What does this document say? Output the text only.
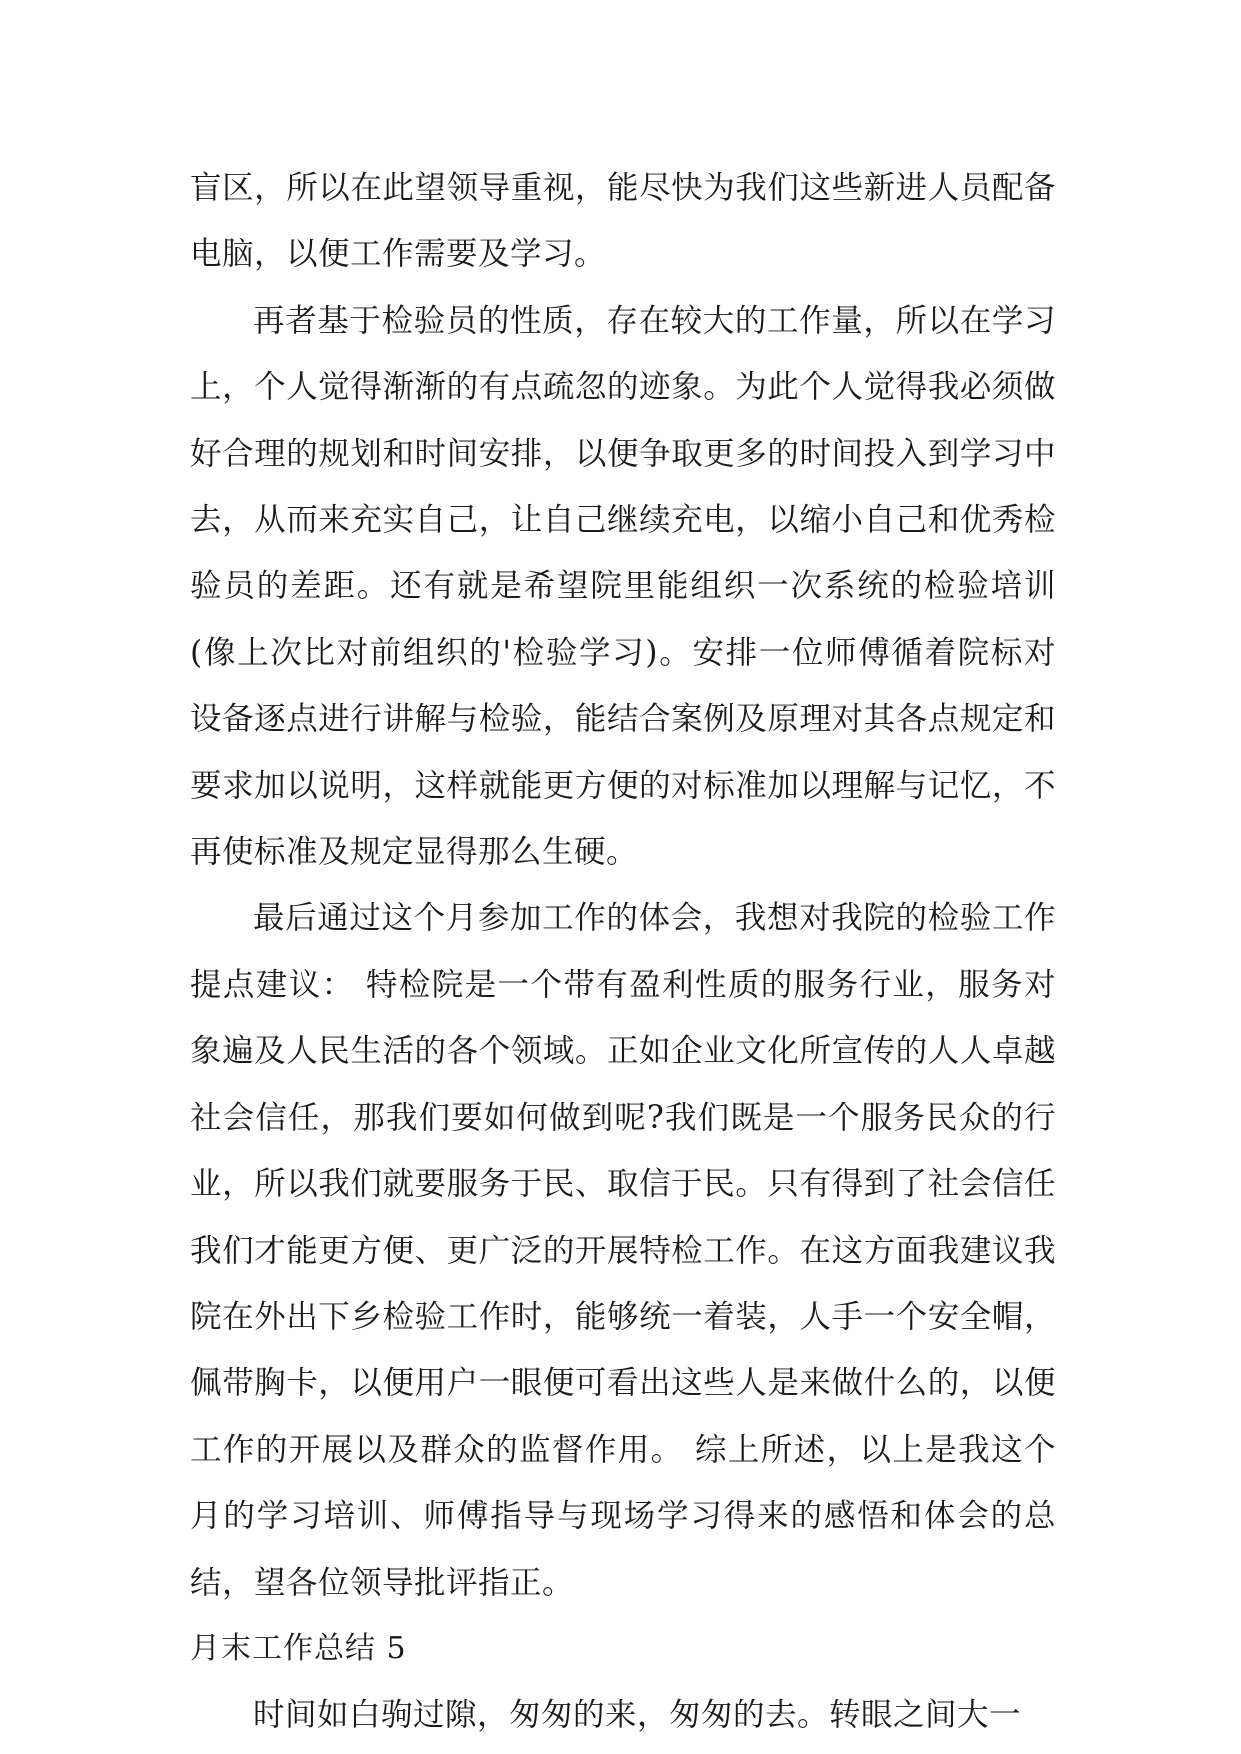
盲区，所以在此望领导重视，能尽快为我们这些新进人员配备电脑，以便工作需要及学习。

再者基于检验员的性质，存在较大的工作量，所以在学习上，个人觉得渐渐的有点疏忽的迹象。为此个人觉得我必须做好合理的规划和时间安排，以便争取更多的时间投入到学习中去，从而来充实自己，让自己继续充电，以缩小自己和优秀检验员的差距。还有就是希望院里能组织一次系统的检验培训(像上次比对前组织的'检验学习)。安排一位师傅循着院标对设备逐点进行讲解与检验，能结合案例及原理对其各点规定和要求加以说明，这样就能更方便的对标准加以理解与记忆，不再使标准及规定显得那么生硬。

最后通过这个月参加工作的体会，我想对我院的检验工作提点建议： 特检院是一个带有盈利性质的服务行业，服务对象遍及人民生活的各个领域。正如企业文化所宣传的人人卓越 社会信任，那我们要如何做到呢?我们既是一个服务民众的行业，所以我们就要服务于民、取信于民。只有得到了社会信任我们才能更方便、更广泛的开展特检工作。在这方面我建议我院在外出下乡检验工作时，能够统一着装，人手一个安全帽，佩带胸卡，以便用户一眼便可看出这些人是来做什么的，以便工作的开展以及群众的监督作用。 综上所述，以上是我这个月的学习培训、师傅指导与现场学习得来的感悟和体会的总结，望各位领导批评指正。

月末工作总结 5

时间如白驹过隙，匆匆的来，匆匆的去。转眼之间大一
